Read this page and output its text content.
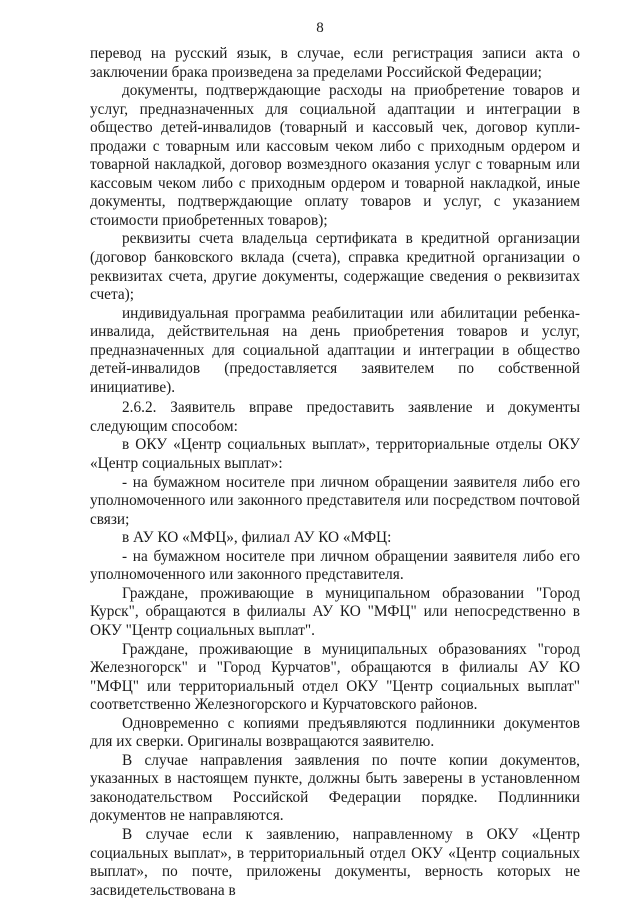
8

перевод на русский язык, в случае, если регистрация записи акта о заключении брака произведена за пределами Российской Федерации;

документы, подтверждающие расходы на приобретение товаров и услуг, предназначенных для социальной адаптации и интеграции в общество детей-инвалидов (товарный и кассовый чек, договор купли-продажи с товарным или кассовым чеком либо с приходным ордером и товарной накладкой, договор возмездного оказания услуг с товарным или кассовым чеком либо с приходным ордером и товарной накладкой, иные документы, подтверждающие оплату товаров и услуг, с указанием стоимости приобретенных товаров);

реквизиты счета владельца сертификата в кредитной организации (договор банковского вклада (счета), справка кредитной организации о реквизитах счета, другие документы, содержащие сведения о реквизитах счета);

индивидуальная программа реабилитации или абилитации ребенка-инвалида, действительная на день приобретения товаров и услуг, предназначенных для социальной адаптации и интеграции в общество детей-инвалидов (предоставляется заявителем по собственной инициативе).

2.6.2. Заявитель вправе предоставить заявление и документы следующим способом:

в ОКУ «Центр социальных выплат», территориальные отделы ОКУ «Центр социальных выплат»:

- на бумажном носителе при личном обращении заявителя либо его уполномоченного или законного представителя или посредством почтовой связи;

в АУ КО «МФЦ», филиал АУ КО «МФЦ:

- на бумажном носителе при личном обращении заявителя либо его уполномоченного или законного представителя.

Граждане, проживающие в муниципальном образовании "Город Курск", обращаются в филиалы АУ КО "МФЦ" или непосредственно в ОКУ "Центр социальных выплат".

Граждане, проживающие в муниципальных образованиях "город Железногорск" и "Город Курчатов", обращаются в филиалы АУ КО "МФЦ" или территориальный отдел ОКУ "Центр социальных выплат" соответственно Железногорского и Курчатовского районов.

Одновременно с копиями предъявляются подлинники документов для их сверки. Оригиналы возвращаются заявителю.

В случае направления заявления по почте копии документов, указанных в настоящем пункте, должны быть заверены в установленном законодательством Российской Федерации порядке. Подлинники документов не направляются.

В случае если к заявлению, направленному в ОКУ «Центр социальных выплат», в территориальный отдел ОКУ «Центр социальных выплат», по почте, приложены документы, верность которых не засвидетельствована в
